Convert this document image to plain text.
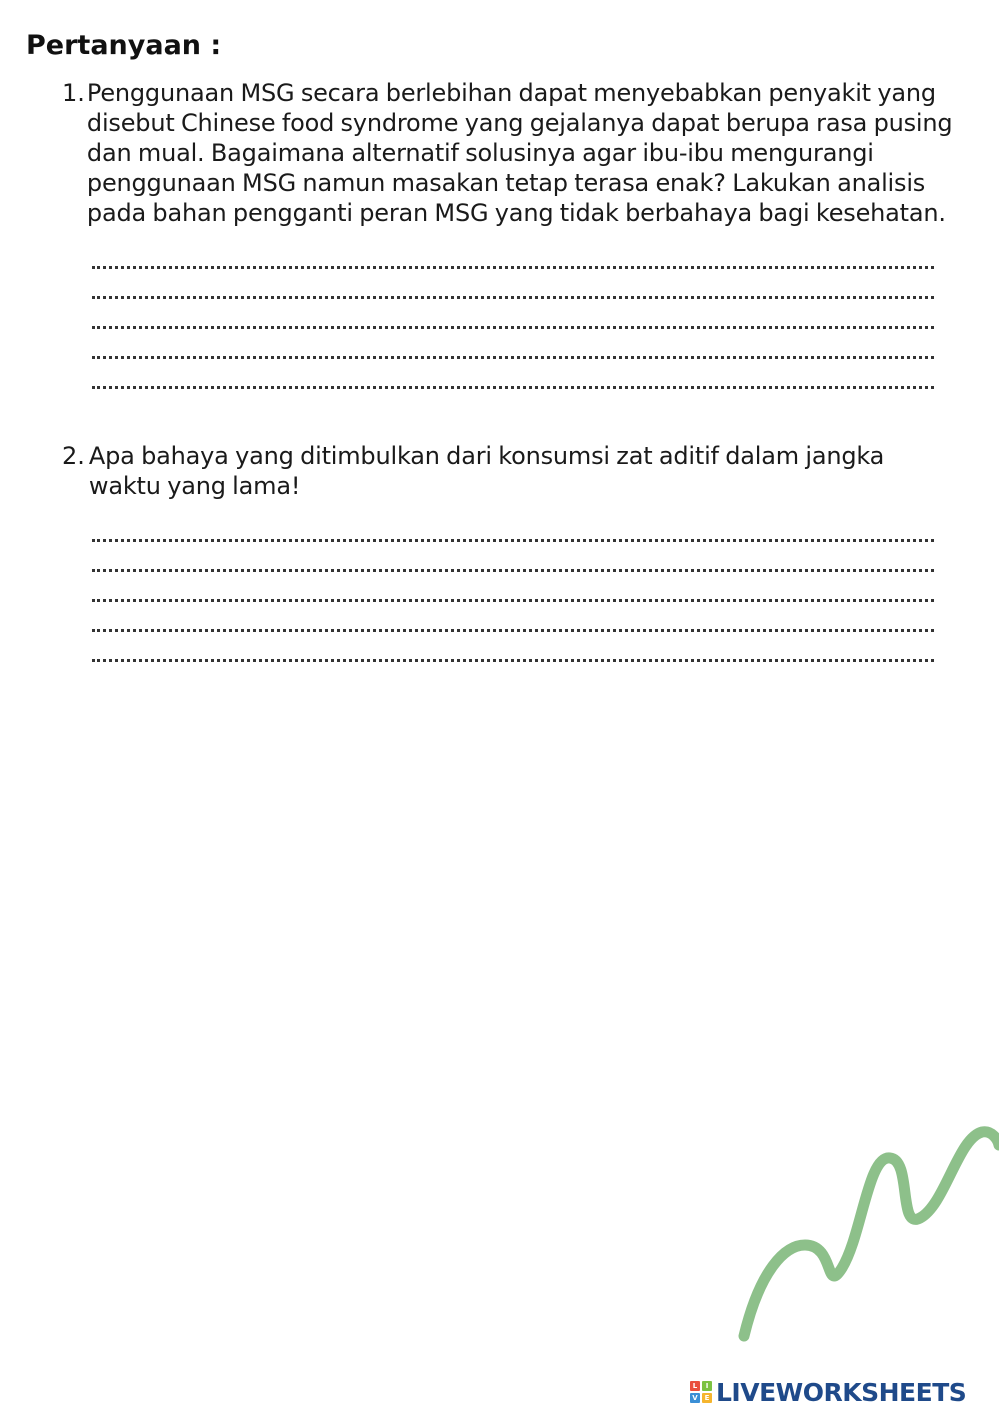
Pertanyaan :
1. Penggunaan MSG secara berlebihan dapat menyebabkan penyakit yang disebut Chinese food syndrome yang gejalanya dapat berupa rasa pusing dan mual. Bagaimana alternatif solusinya agar ibu-ibu mengurangi penggunaan MSG namun masakan tetap terasa enak? Lakukan analisis pada bahan pengganti peran MSG yang tidak berbahaya bagi kesehatan.
2. Apa bahaya yang ditimbulkan dari konsumsi zat aditif dalam jangka waktu yang lama!
L	I
V E LIVEWORKSHEETS
